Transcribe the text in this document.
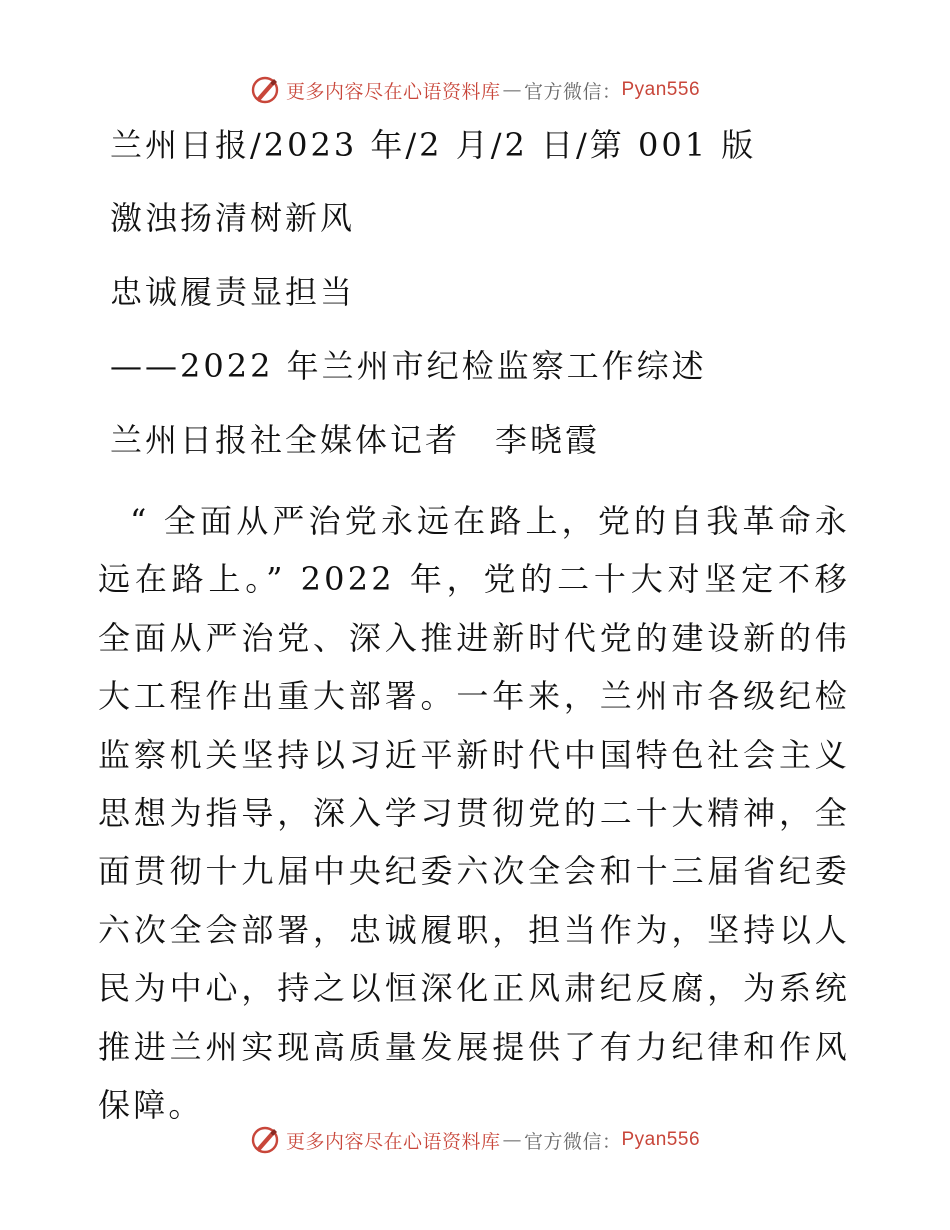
更多内容尽在心语资料库 — 官方微信： Pyan556
兰州日报/2023 年/2 月/2 日/第 001 版
激浊扬清树新风
忠诚履责显担当
——2022 年兰州市纪检监察工作综述
兰州日报社全媒体记者　李晓霞
“ 全面从严治党永远在路上，党的自我革命永远在路上。” 2022 年，党的二十大对坚定不移全面从严治党、深入推进新时代党的建设新的伟大工程作出重大部署。一年来，兰州市各级纪检监察机关坚持以习近平新时代中国特色社会主义思想为指导，深入学习贯彻党的二十大精神，全面贯彻十九届中央纪委六次全会和十三届省纪委六次全会部署，忠诚履职，担当作为，坚持以人民为中心，持之以恒深化正风肃纪反腐，为系统推进兰州实现高质量发展提供了有力纪律和作风保障。
更多内容尽在心语资料库 — 官方微信： Pyan556
